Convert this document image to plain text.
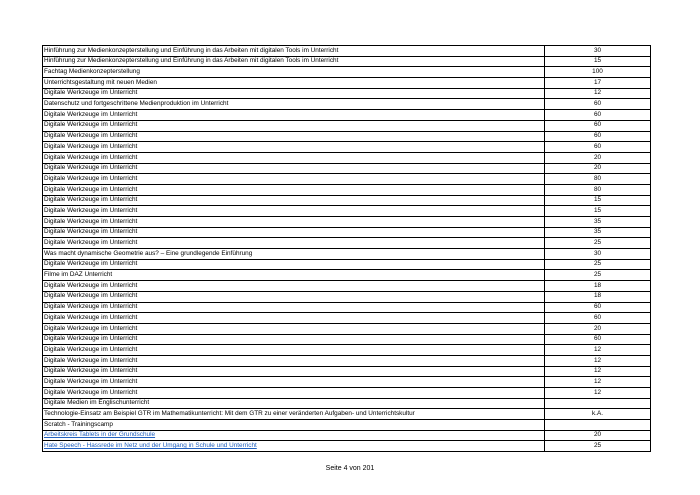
Hinführung zur Medienkonzepterstellung und Einführung in das Arbeiten mit digitalen Tools im Unterricht	30
Hinführung zur Medienkonzepterstellung und Einführung in das Arbeiten mit digitalen Tools im Unterricht	15
Fachtag Medienkonzepterstellung	100
Unterrichtsgestaltung mit neuen Medien	17
Digitale Werkzeuge im Unterricht	12
Datenschutz und fortgeschrittene Medienproduktion im Unterricht	60
Digitale Werkzeuge im Unterricht	60
Digitale Werkzeuge im Unterricht	60
Digitale Werkzeuge im Unterricht	60
Digitale Werkzeuge im Unterricht	60
Digitale Werkzeuge im Unterricht	20
Digitale Werkzeuge im Unterricht	20
Digitale Werkzeuge im Unterricht	80
Digitale Werkzeuge im Unterricht	80
Digitale Werkzeuge im Unterricht	15
Digitale Werkzeuge im Unterricht	15
Digitale Werkzeuge im Unterricht	35
Digitale Werkzeuge im Unterricht	35
Digitale Werkzeuge im Unterricht	25
Was macht dynamische Geometrie aus? – Eine grundlegende Einführung	30
Digitale Werkzeuge im Unterricht	25
Filme im DAZ Unterricht	25
Digitale Werkzeuge im Unterricht	18
Digitale Werkzeuge im Unterricht	18
Digitale Werkzeuge im Unterricht	60
Digitale Werkzeuge im Unterricht	60
Digitale Werkzeuge im Unterricht	20
Digitale Werkzeuge im Unterricht	60
Digitale Werkzeuge im Unterricht	12
Digitale Werkzeuge im Unterricht	12
Digitale Werkzeuge im Unterricht	12
Digitale Werkzeuge im Unterricht	12
Digitale Werkzeuge im Unterricht	12
Digitale Medien im Englischunterricht	
Technologie-Einsatz am Beispiel GTR im Mathematikunterricht: Mit dem GTR zu einer veränderten Aufgaben- und Unterrichtskultur	k.A.
Scratch - Trainingscamp	
Arbeitskreis Tablets in der Grundschule	20
Hate Speech - Hassrede im Netz und der Umgang in Schule und Unterricht	25
Seite 4 von 201
